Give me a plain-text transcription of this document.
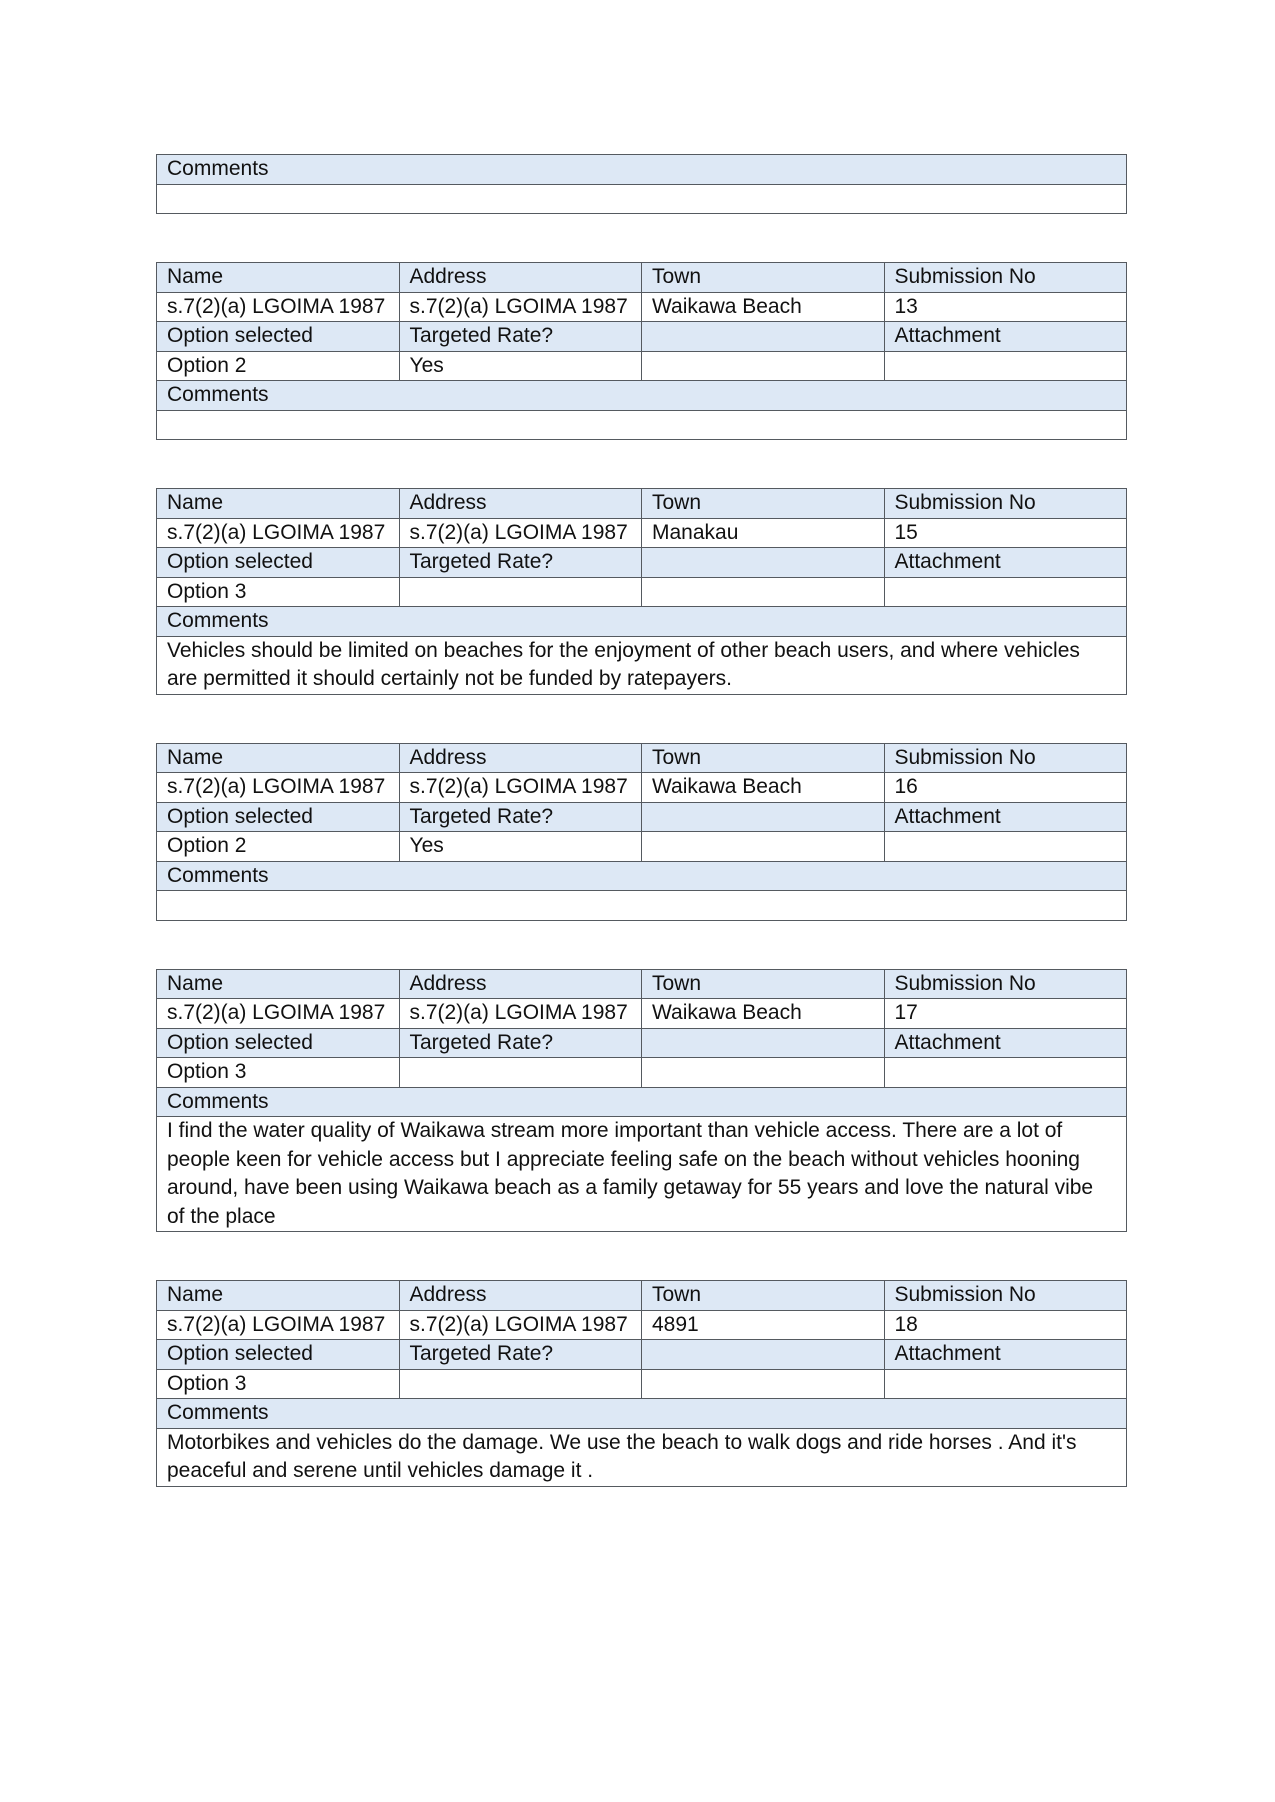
Comments

Name	Address	Town	Submission No
s.7(2)(a) LGOIMA 1987	s.7(2)(a) LGOIMA 1987	Waikawa Beach	13
Option selected	Targeted Rate?		Attachment
Option 2	Yes		
Comments			

Name	Address	Town	Submission No
s.7(2)(a) LGOIMA 1987	s.7(2)(a) LGOIMA 1987	Manakau	15
Option selected	Targeted Rate?		Attachment
Option 3			
Comments			
Vehicles should be limited on beaches for the enjoyment of other beach users, and where vehicles are permitted it should certainly not be funded by ratepayers.			
Name	Address	Town	Submission No
s.7(2)(a) LGOIMA 1987	s.7(2)(a) LGOIMA 1987	Waikawa Beach	16
Option selected	Targeted Rate?		Attachment
Option 2	Yes		
Comments			

Name	Address	Town	Submission No
s.7(2)(a) LGOIMA 1987	s.7(2)(a) LGOIMA 1987	Waikawa Beach	17
Option selected	Targeted Rate?		Attachment
Option 3			
Comments			
I find the water quality of Waikawa stream more important than vehicle access. There are a lot of people keen for vehicle access but I appreciate feeling safe on the beach without vehicles hooning around, have been using Waikawa beach as a family getaway for 55 years and love the natural vibe of the place			
Name	Address	Town	Submission No
s.7(2)(a) LGOIMA 1987	s.7(2)(a) LGOIMA 1987	4891	18
Option selected	Targeted Rate?		Attachment
Option 3			
Comments			
Motorbikes and vehicles do the damage. We use the beach to walk dogs and ride horses . And it's peaceful and serene until vehicles damage it .			
